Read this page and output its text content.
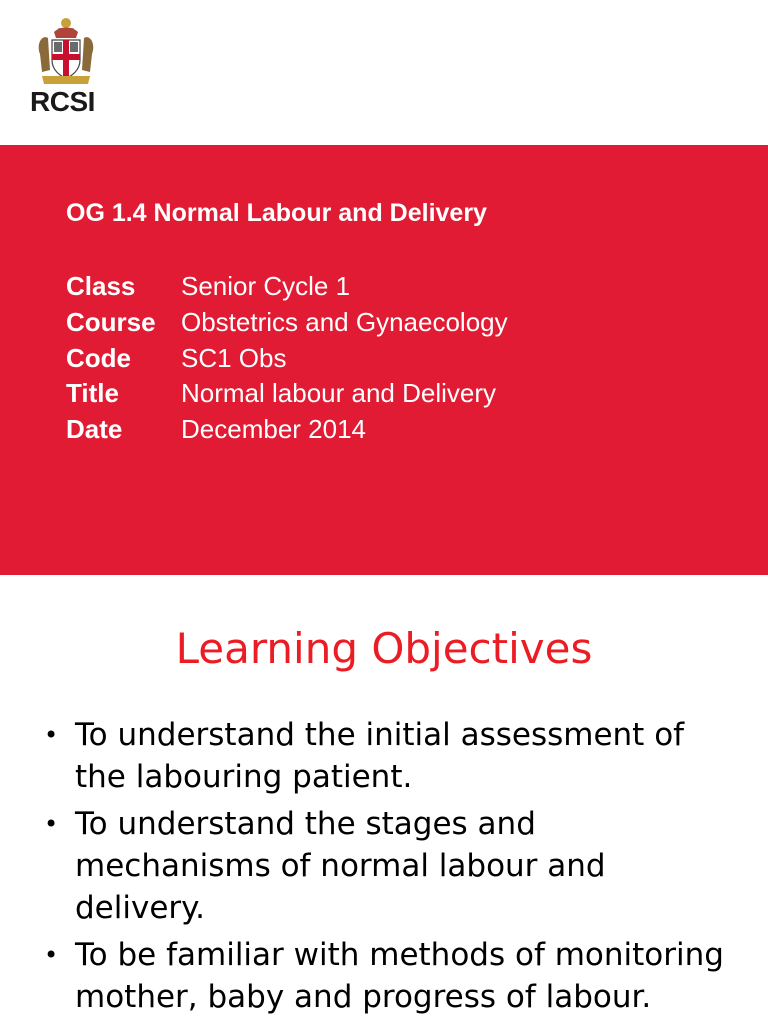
RCSI
OG 1.4 Normal Labour and Delivery
Class Senior Cycle 1
Course Obstetrics and Gynaecology
Code SC1 Obs
Title Normal labour and Delivery
Date December 2014
Learning Objectives
• To understand the initial assessment of the labouring patient.
• To understand the stages and mechanisms of normal labour and delivery.
• To be familiar with methods of monitoring mother, baby and progress of labour.
